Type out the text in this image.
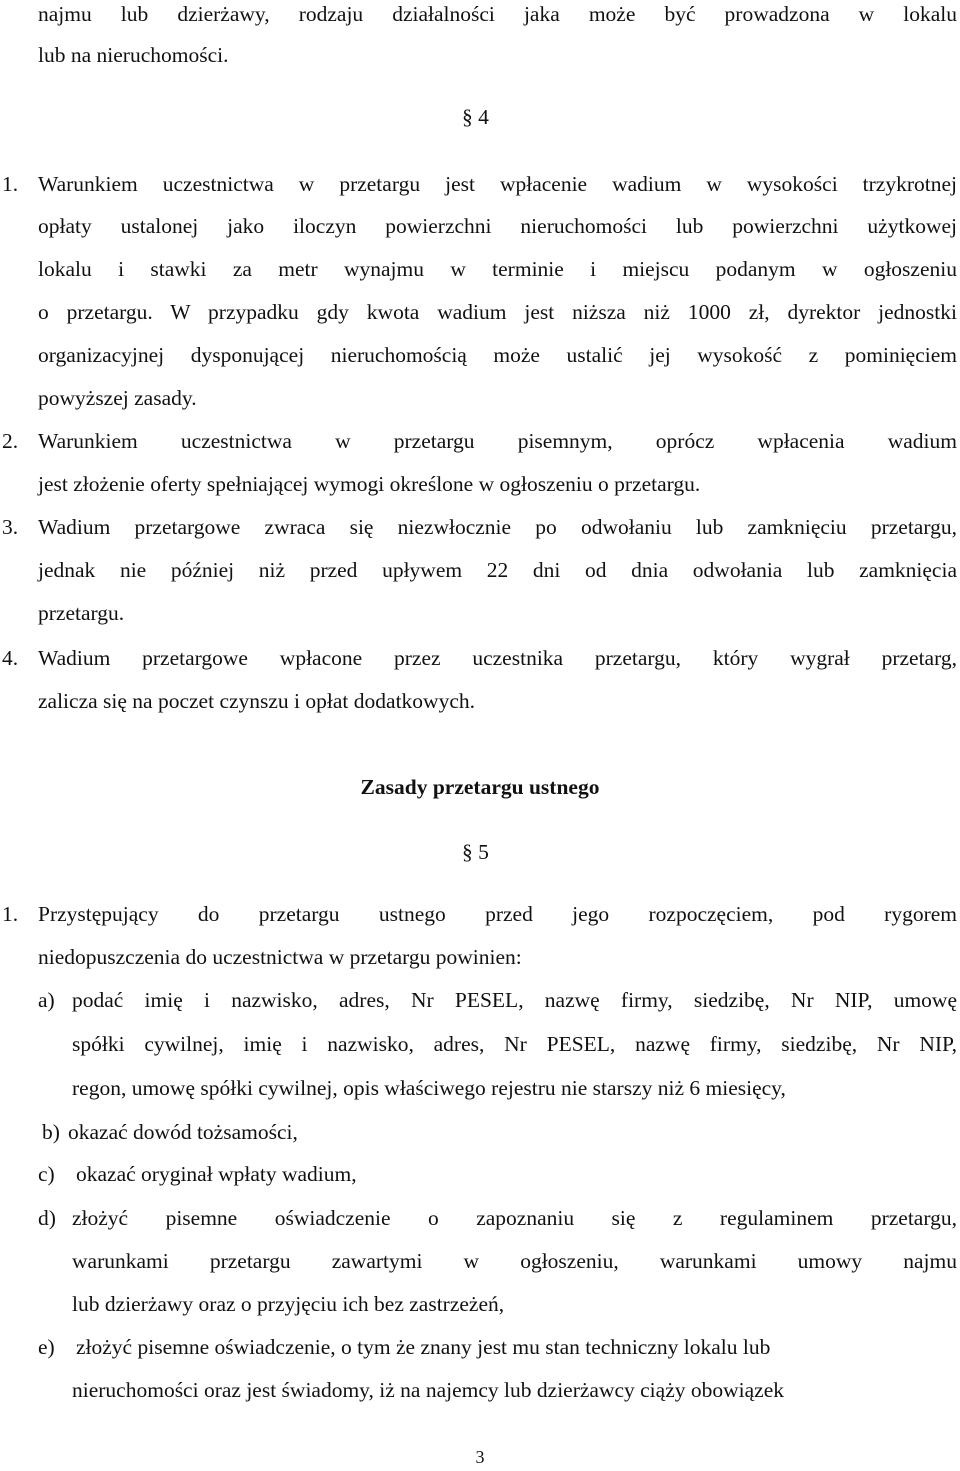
najmu lub dzierżawy, rodzaju działalności jaka może być prowadzona w lokalu
lub na nieruchomości.
§ 4
1. Warunkiem uczestnictwa w przetargu jest wpłacenie wadium w wysokości trzykrotnej
opłaty ustalonej jako iloczyn powierzchni nieruchomości lub powierzchni użytkowej
lokalu i stawki za metr wynajmu w terminie i miejscu podanym w ogłoszeniu
o przetargu. W przypadku gdy kwota wadium jest niższa niż 1000 zł, dyrektor jednostki
organizacyjnej dysponującej nieruchomością może ustalić jej wysokość z pominięciem
powyższej zasady.
2. Warunkiem uczestnictwa w przetargu pisemnym, oprócz wpłacenia wadium
jest złożenie oferty spełniającej wymogi określone w ogłoszeniu o przetargu.
3. Wadium przetargowe zwraca się niezwłocznie po odwołaniu lub zamknięciu przetargu,
jednak nie później niż przed upływem 22 dni od dnia odwołania lub zamknięcia
przetargu.
4. Wadium przetargowe wpłacone przez uczestnika przetargu, który wygrał przetarg,
zalicza się na poczet czynszu i opłat dodatkowych.
Zasady przetargu ustnego
§ 5
1. Przystępujący do przetargu ustnego przed jego rozpoczęciem, pod rygorem
niedopuszczenia do uczestnictwa w przetargu powinien:
a) podać imię i nazwisko, adres, Nr PESEL, nazwę firmy, siedzibę, Nr NIP, umowę
spółki cywilnej, imię i nazwisko, adres, Nr PESEL, nazwę firmy, siedzibę, Nr NIP,
regon, umowę spółki cywilnej, opis właściwego rejestru nie starszy niż 6 miesięcy,
b) okazać dowód tożsamości,
c) okazać oryginał wpłaty wadium,
d) złożyć pisemne oświadczenie o zapoznaniu się z regulaminem przetargu,
warunkami przetargu zawartymi w ogłoszeniu, warunkami umowy najmu
lub dzierżawy oraz o przyjęciu ich bez zastrzeżeń,
e) złożyć pisemne oświadczenie, o tym że znany jest mu stan techniczny lokalu lub
nieruchomości oraz jest świadomy, iż na najemcy lub dzierżawcy ciąży obowiązek
3
